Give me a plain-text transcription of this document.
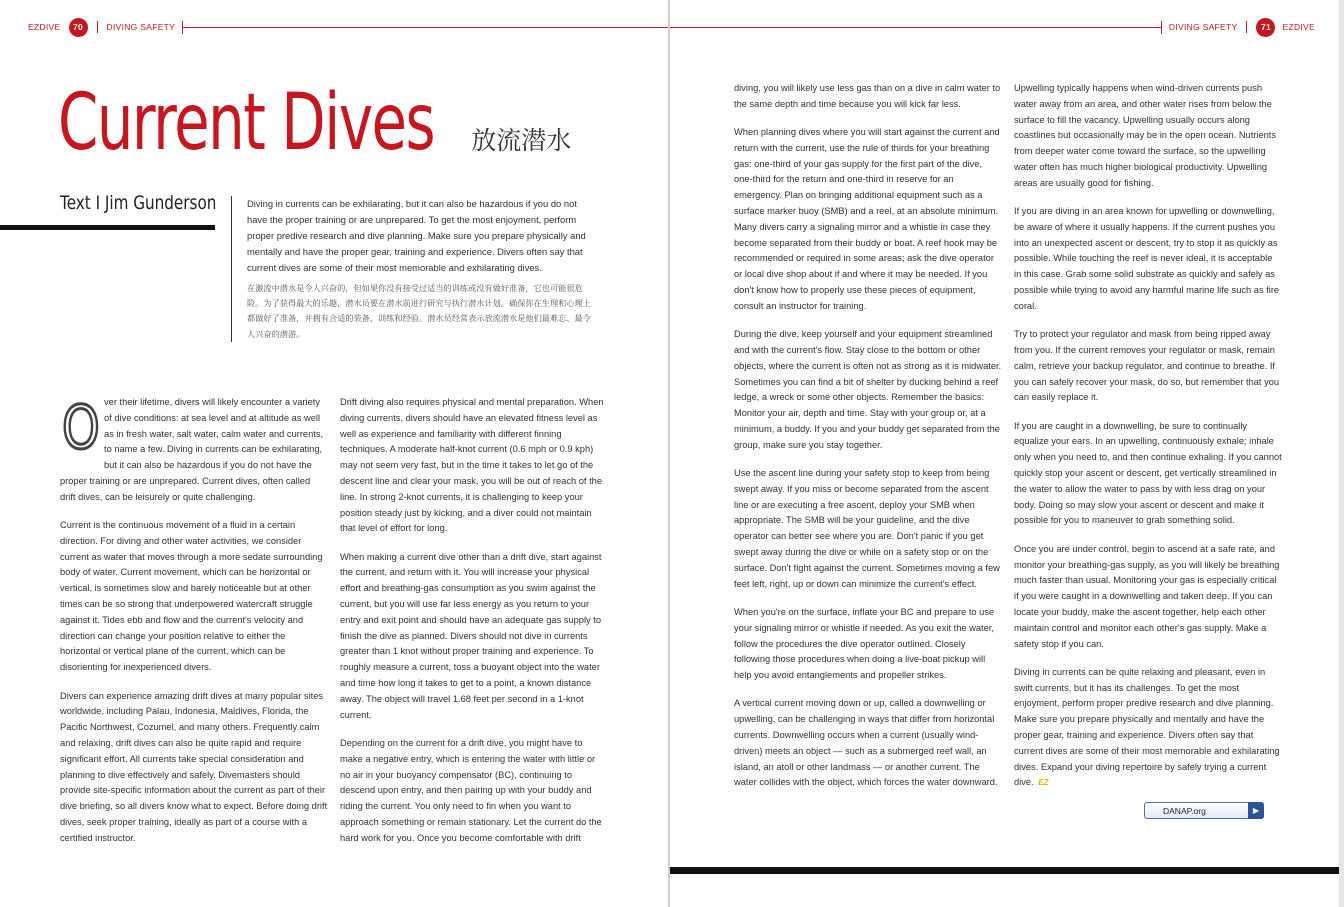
EZDIVE	70	DIVING SAFETY
Current Dives 放流潜水
Text I Jim Gunderson	Diving in currents can be exhilarating, but it can also be hazardous if you do not have the proper training or are unprepared. To get the most enjoyment, perform proper predive research and dive planning. Make sure you prepare physically and mentally and have the proper gear, training and experience. Divers often say that current dives are some of their most memorable and exhilarating dives.

在激流中潜水是令人兴奋的，但如果你没有接受过适当的训练或没有做好准备，它也可能很危险。为了获得最大的乐趣，潜水员要在潜水前进行研究与执行潜水计划。确保你在生理和心理上都做好了准备，并拥有合适的装备、训练和经验。潜水员经常表示放流潜水是他们最难忘、最令人兴奋的潜游。

Over their lifetime, divers will likely encounter a variety of dive conditions: at sea level and at altitude as well as in fresh water, salt water, calm water and currents, to name a few. Diving in currents can be exhilarating, but it can also be hazardous if you do not have the proper training or are unprepared. Current dives, often called drift dives, can be leisurely or quite challenging.

Current is the continuous movement of a fluid in a certain direction. For diving and other water activities, we consider current as water that moves through a more sedate surrounding body of water. Current movement, which can be horizontal or vertical, is sometimes slow and barely noticeable but at other times can be so strong that underpowered watercraft struggle against it. Tides ebb and flow and the current's velocity and direction can change your position relative to either the horizontal or vertical plane of the current, which can be disorienting for inexperienced divers.

Divers can experience amazing drift dives at many popular sites worldwide, including Palau, Indonesia, Maldives, Florida, the Pacific Northwest, Cozumel, and many others. Frequently calm and relaxing, drift dives can also be quite rapid and require significant effort. All currents take special consideration and planning to dive effectively and safely. Divemasters should provide site-specific information about the current as part of their dive briefing, so all divers know what to expect. Before doing drift dives, seek proper training, ideally as part of a course with a certified instructor.

Drift diving also requires physical and mental preparation. When diving currents, divers should have an elevated fitness level as well as experience and familiarity with different finning techniques. A moderate half-knot current (0.6 mph or 0.9 kph) may not seem very fast, but in the time it takes to let go of the descent line and clear your mask, you will be out of reach of the line. In strong 2-knot currents, it is challenging to keep your position steady just by kicking, and a diver could not maintain that level of effort for long.

When making a current dive other than a drift dive, start against the current, and return with it. You will increase your physical effort and breathing-gas consumption as you swim against the current, but you will use far less energy as you return to your entry and exit point and should have an adequate gas supply to finish the dive as planned. Divers should not dive in currents greater than 1 knot without proper training and experience. To roughly measure a current, toss a buoyant object into the water and time how long it takes to get to a point, a known distance away. The object will travel 1.68 feet per second in a 1-knot current.

Depending on the current for a drift dive, you might have to make a negative entry, which is entering the water with little or no air in your buoyancy compensator (BC), continuing to descend upon entry, and then pairing up with your buddy and riding the current. You only need to fin when you want to approach something or remain stationary. Let the current do the hard work for you. Once you become comfortable with drift

DIVING SAFETY	71	EZDIVE

diving, you will likely use less gas than on a dive in calm water to the same depth and time because you will kick far less.

When planning dives where you will start against the current and return with the current, use the rule of thirds for your breathing gas: one-third of your gas supply for the first part of the dive, one-third for the return and one-third in reserve for an emergency. Plan on bringing additional equipment such as a surface marker buoy (SMB) and a reel, at an absolute minimum. Many divers carry a signaling mirror and a whistle in case they become separated from their buddy or boat. A reef hook may be recommended or required in some areas; ask the dive operator or local dive shop about if and where it may be needed. If you don't know how to properly use these pieces of equipment, consult an instructor for training.

During the dive, keep yourself and your equipment streamlined and with the current's flow. Stay close to the bottom or other objects, where the current is often not as strong as it is midwater. Sometimes you can find a bit of shelter by ducking behind a reef ledge, a wreck or some other objects. Remember the basics: Monitor your air, depth and time. Stay with your group or, at a minimum, a buddy. If you and your buddy get separated from the group, make sure you stay together.

Use the ascent line during your safety stop to keep from being swept away. If you miss or become separated from the ascent line or are executing a free ascent, deploy your SMB when appropriate. The SMB will be your guideline, and the dive operator can better see where you are. Don't panic if you get swept away during the dive or while on a safety stop or on the surface. Don't fight against the current. Sometimes moving a few feet left, right, up or down can minimize the current's effect.

When you're on the surface, inflate your BC and prepare to use your signaling mirror or whistle if needed. As you exit the water, follow the procedures the dive operator outlined. Closely following those procedures when doing a live-boat pickup will help you avoid entanglements and propeller strikes.

A vertical current moving down or up, called a downwelling or upwelling, can be challenging in ways that differ from horizontal currents. Downwelling occurs when a current (usually wind-driven) meets an object — such as a submerged reef wall, an island, an atoll or other landmass — or another current. The water collides with the object, which forces the water downward.

Upwelling typically happens when wind-driven currents push water away from an area, and other water rises from below the surface to fill the vacancy. Upwelling usually occurs along coastlines but occasionally may be in the open ocean. Nutrients from deeper water come toward the surface, so the upwelling water often has much higher biological productivity. Upwelling areas are usually good for fishing.

If you are diving in an area known for upwelling or downwelling, be aware of where it usually happens. If the current pushes you into an unexpected ascent or descent, try to stop it as quickly as possible. While touching the reef is never ideal, it is acceptable in this case. Grab some solid substrate as quickly and safely as possible while trying to avoid any harmful marine life such as fire coral.

Try to protect your regulator and mask from being ripped away from you. If the current removes your regulator or mask, remain calm, retrieve your backup regulator, and continue to breathe. If you can safely recover your mask, do so, but remember that you can easily replace it.

If you are caught in a downwelling, be sure to continually equalize your ears. In an upwelling, continuously exhale; inhale only when you need to, and then continue exhaling. If you cannot quickly stop your ascent or descent, get vertically streamlined in the water to allow the water to pass by with less drag on your body. Doing so may slow your ascent or descent and make it possible for you to maneuver to grab something solid.

Once you are under control, begin to ascend at a safe rate, and monitor your breathing-gas supply, as you will likely be breathing much faster than usual. Monitoring your gas is especially critical if you were caught in a downwelling and taken deep. If you can locate your buddy, make the ascent together, help each other maintain control and monitor each other's gas supply. Make a safety stop if you can.

Diving in currents can be quite relaxing and pleasant, even in swift currents, but it has its challenges. To get the most enjoyment, perform proper predive research and dive planning. Make sure you prepare physically and mentally and have the proper gear, training and experience. Divers often say that current dives are some of their most memorable and exhilarating dives. Expand your diving repertoire by safely trying a current dive. EZ

DANAP.org	▶
